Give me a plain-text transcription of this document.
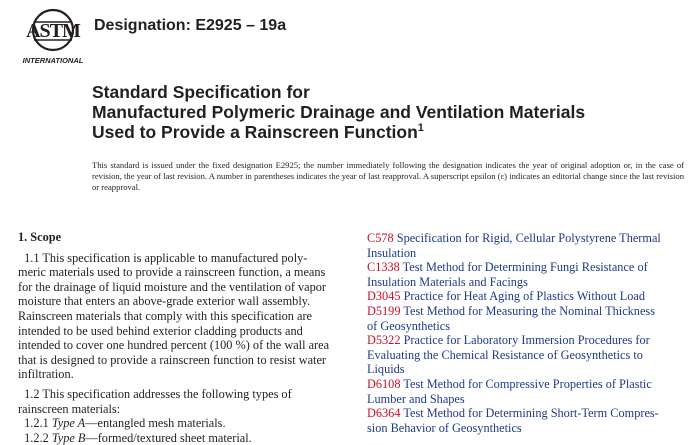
ASTM
INTERNATIONAL
Designation: E2925 – 19a
Standard Specification for
Manufactured Polymeric Drainage and Ventilation Materials
Used to Provide a Rainscreen Function$^1$
This standard is issued under the fixed designation E2925; the number immediately following the designation indicates the year of original adoption or, in the case of revision, the year of last revision. A number in parentheses indicates the year of last reapproval. A superscript epsilon (ε) indicates an editorial change since the last revision or reapproval.
1. Scope
1.1 This specification is applicable to manufactured poly-
meric materials used to provide a rainscreen function, a means
for the drainage of liquid moisture and the ventilation of vapor
moisture that enters an above-grade exterior wall assembly.
Rainscreen materials that comply with this specification are
intended to be used behind exterior cladding products and
intended to cover one hundred percent (100 %) of the wall area
that is designed to provide a rainscreen function to resist water
infiltration.
1.2 This specification addresses the following types of
rainscreen materials:
1.2.1 Type A—entangled mesh materials.
1.2.2 Type B—formed/textured sheet material.
C578 Specification for Rigid, Cellular Polystyrene Thermal
Insulation
C1338 Test Method for Determining Fungi Resistance of
Insulation Materials and Facings
D3045 Practice for Heat Aging of Plastics Without Load
D5199 Test Method for Measuring the Nominal Thickness
of Geosynthetics
D5322 Practice for Laboratory Immersion Procedures for
Evaluating the Chemical Resistance of Geosynthetics to
Liquids
D6108 Test Method for Compressive Properties of Plastic
Lumber and Shapes
D6364 Test Method for Determining Short-Term Compres-
sion Behavior of Geosynthetics
